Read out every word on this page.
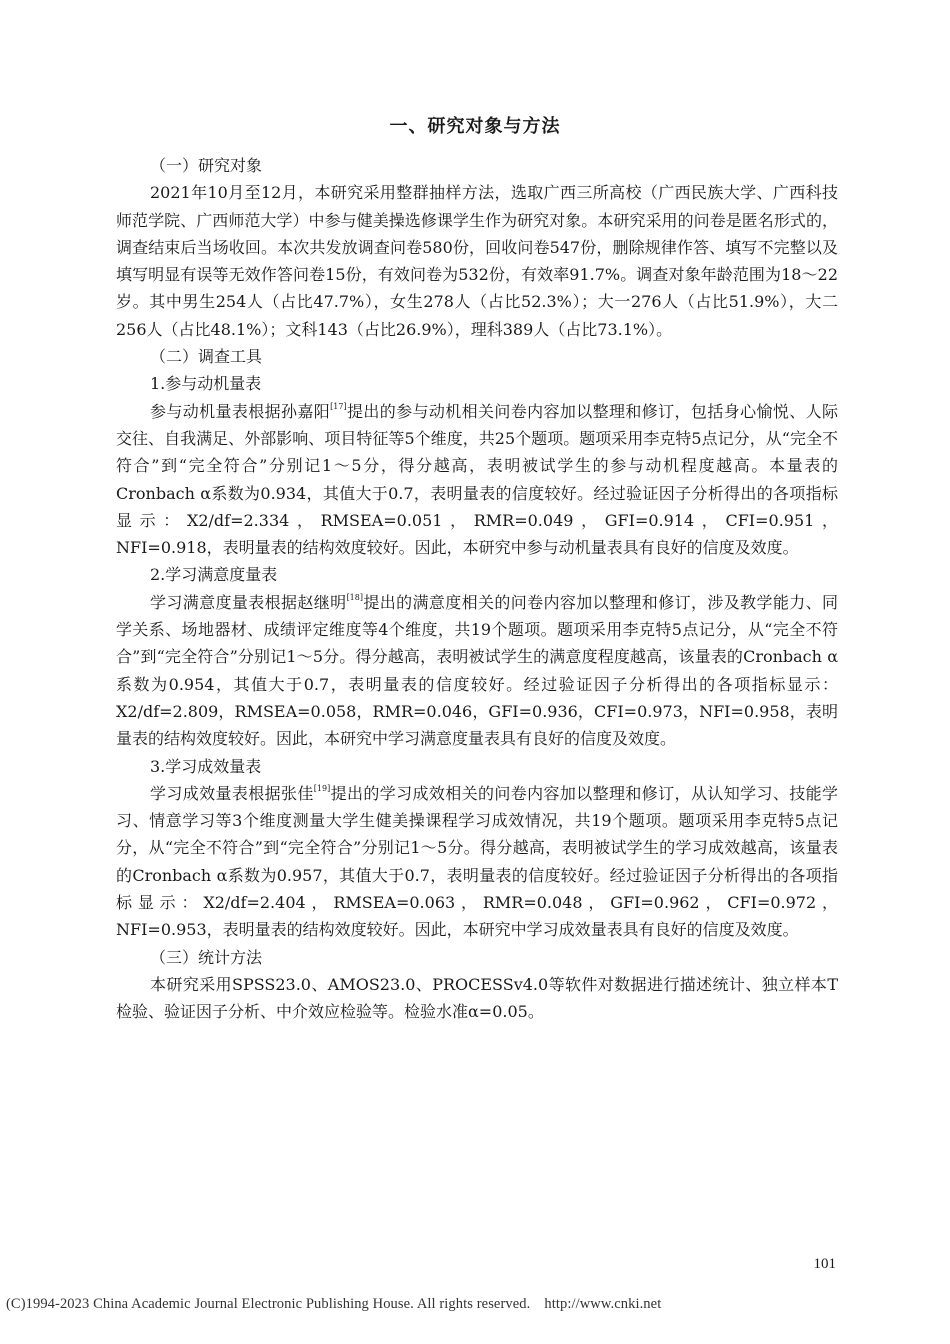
一、研究对象与方法
（一）研究对象

2021年10月至12月，本研究采用整群抽样方法，选取广西三所高校（广西民族大学、广西科技师范学院、广西师范大学）中参与健美操选修课学生作为研究对象。本研究采用的问卷是匿名形式的，调查结束后当场收回。本次共发放调查问卷580份，回收问卷547份，删除规律作答、填写不完整以及填写明显有误等无效作答问卷15份，有效问卷为532份，有效率91.7%。调查对象年龄范围为18～22岁。其中男生254人（占比47.7%），女生278人（占比52.3%）；大一276人（占比51.9%），大二256人（占比48.1%）；文科143（占比26.9%），理科389人（占比73.1%）。

（二）调查工具
1.参与动机量表

参与动机量表根据孙嘉阳[17]提出的参与动机相关问卷内容加以整理和修订，包括身心愉悦、人际交往、自我满足、外部影响、项目特征等5个维度，共25个题项。题项采用李克特5点记分，从“完全不符合”到“完全符合”分别记1～5分，得分越高，表明被试学生的参与动机程度越高。本量表的Cronbach α系数为0.934，其值大于0.7，表明量表的信度较好。经过验证因子分析得出的各项指标显示：X2/df=2.334，RMSEA=0.051，RMR=0.049，GFI=0.914，CFI=0.951，NFI=0.918，表明量表的结构效度较好。因此，本研究中参与动机量表具有良好的信度及效度。

2.学习满意度量表

学习满意度量表根据赵继明[18]提出的满意度相关的问卷内容加以整理和修订，涉及教学能力、同学关系、场地器材、成绩评定维度等4个维度，共19个题项。题项采用李克特5点记分，从“完全不符合”到“完全符合”分别记1～5分。得分越高，表明被试学生的满意度程度越高，该量表的Cronbach α系数为0.954，其值大于0.7，表明量表的信度较好。经过验证因子分析得出的各项指标显示：X2/df=2.809，RMSEA=0.058，RMR=0.046，GFI=0.936，CFI=0.973，NFI=0.958，表明量表的结构效度较好。因此，本研究中学习满意度量表具有良好的信度及效度。

3.学习成效量表

学习成效量表根据张佳[19]提出的学习成效相关的问卷内容加以整理和修订，从认知学习、技能学习、情意学习等3个维度测量大学生健美操课程学习成效情况，共19个题项。题项采用李克特5点记分，从“完全不符合”到“完全符合”分别记1～5分。得分越高，表明被试学生的学习成效越高，该量表的Cronbach α系数为0.957，其值大于0.7，表明量表的信度较好。经过验证因子分析得出的各项指标显示：X2/df=2.404，RMSEA=0.063，RMR=0.048，GFI=0.962，CFI=0.972，NFI=0.953，表明量表的结构效度较好。因此，本研究中学习成效量表具有良好的信度及效度。

（三）统计方法

本研究采用SPSS23.0、AMOS23.0、PROCESSv4.0等软件对数据进行描述统计、独立样本T检验、验证因子分析、中介效应检验等。检验水准α=0.05。

101
(C)1994-2023 China Academic Journal Electronic Publishing House. All rights reserved. http://www.cnki.net
